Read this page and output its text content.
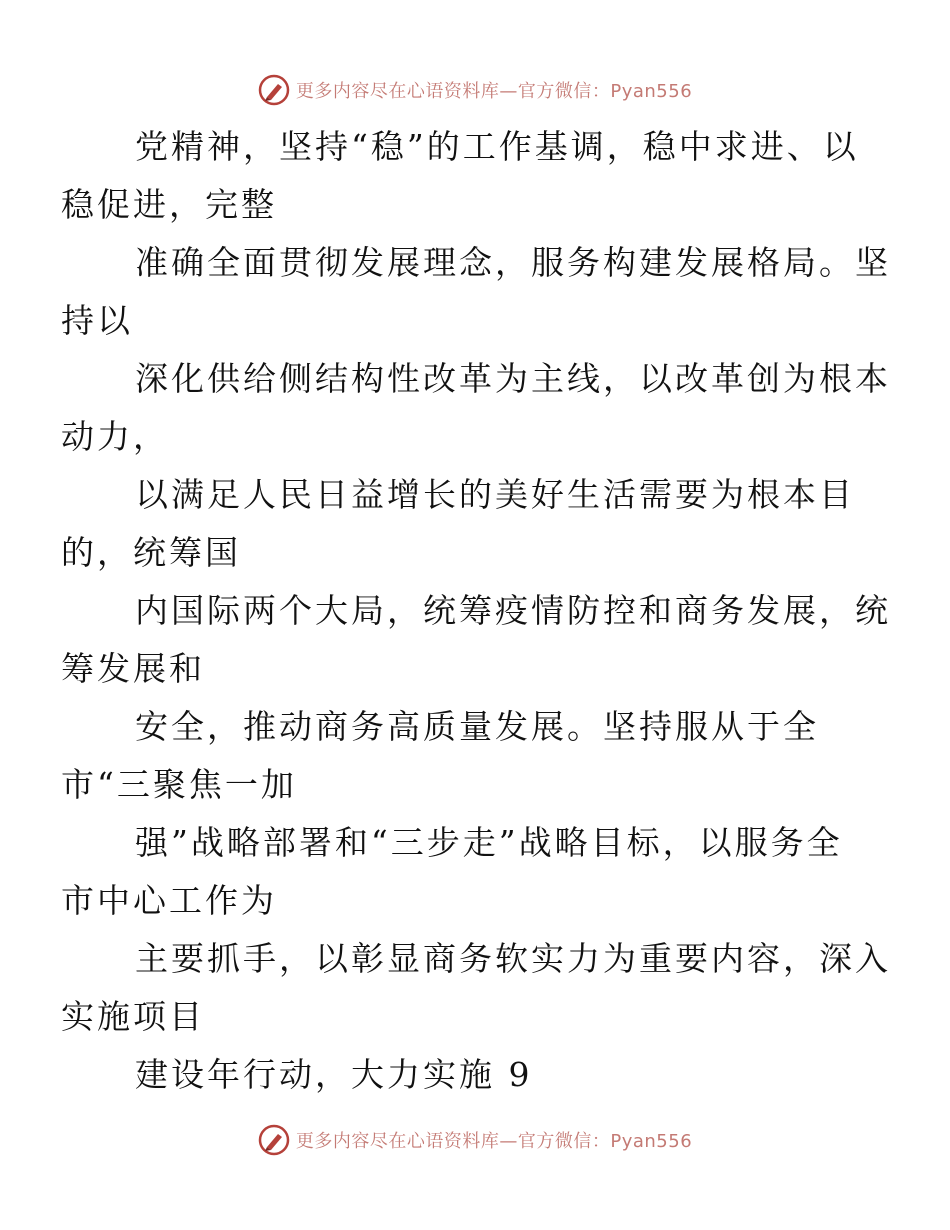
更多内容尽在心语资料库—官方微信：Pyan556

党精神，坚持“稳”的工作基调，稳中求进、以
稳促进，完整

准确全面贯彻发展理念，服务构建发展格局。坚
持以

深化供给侧结构性改革为主线，以改革创为根本
动力，

以满足人民日益增长的美好生活需要为根本目
的，统筹国

内国际两个大局，统筹疫情防控和商务发展，统
筹发展和

安全，推动商务高质量发展。坚持服从于全
市“三聚焦一加

强”战略部署和“三步走”战略目标，以服务全
市中心工作为

主要抓手，以彰显商务软实力为重要内容，深入
实施项目

建设年行动，大力实施 9

更多内容尽在心语资料库—官方微信：Pyan556
